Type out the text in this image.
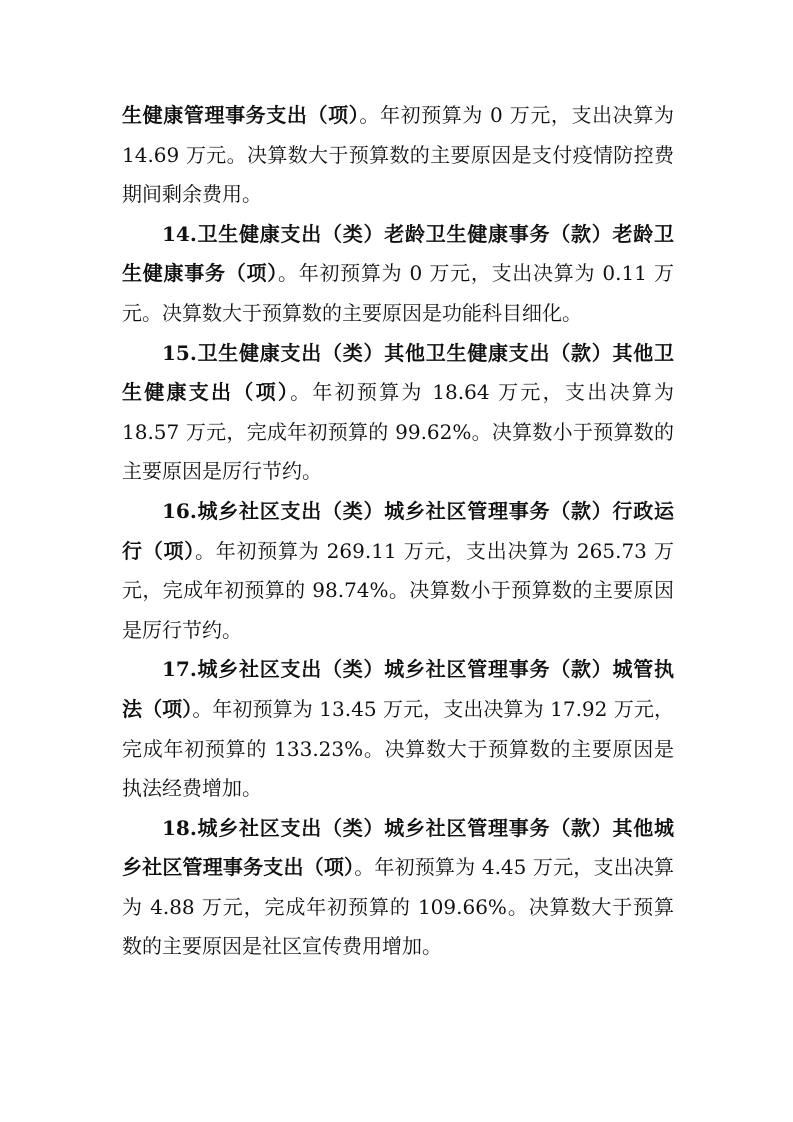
生健康管理事务支出（项）。年初预算为 0 万元，支出决算为 14.69 万元。决算数大于预算数的主要原因是支付疫情防控费期间剩余费用。

14.卫生健康支出（类）老龄卫生健康事务（款）老龄卫生健康事务（项）。年初预算为 0 万元，支出决算为 0.11 万元。决算数大于预算数的主要原因是功能科目细化。

15.卫生健康支出（类）其他卫生健康支出（款）其他卫生健康支出（项）。年初预算为 18.64 万元，支出决算为 18.57 万元，完成年初预算的 99.62%。决算数小于预算数的主要原因是厉行节约。

16.城乡社区支出（类）城乡社区管理事务（款）行政运行（项）。年初预算为 269.11 万元，支出决算为 265.73 万元，完成年初预算的 98.74%。决算数小于预算数的主要原因是厉行节约。

17.城乡社区支出（类）城乡社区管理事务（款）城管执法（项）。年初预算为 13.45 万元，支出决算为 17.92 万元，完成年初预算的 133.23%。决算数大于预算数的主要原因是执法经费增加。

18.城乡社区支出（类）城乡社区管理事务（款）其他城乡社区管理事务支出（项）。年初预算为 4.45 万元，支出决算为 4.88 万元，完成年初预算的 109.66%。决算数大于预算数的主要原因是社区宣传费用增加。
